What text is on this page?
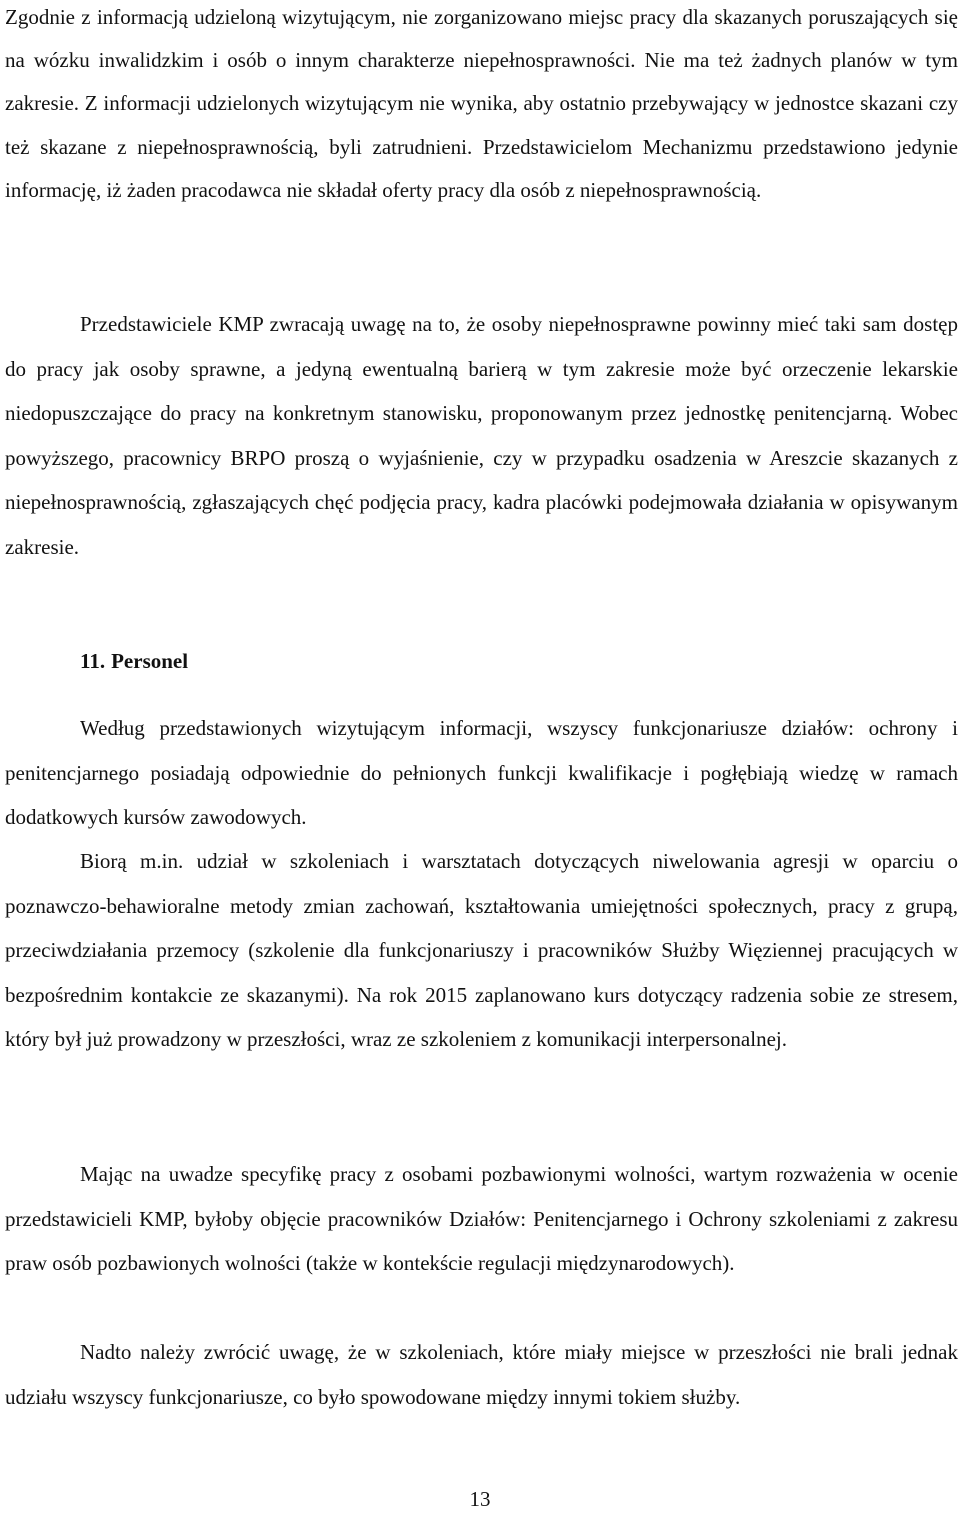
Zgodnie z informacją udzieloną wizytującym, nie zorganizowano miejsc pracy dla skazanych poruszających się na wózku inwalidzkim i osób o innym charakterze niepełnosprawności. Nie ma też żadnych planów w tym zakresie. Z informacji udzielonych wizytującym nie wynika, aby ostatnio przebywający w jednostce skazani czy też skazane z niepełnosprawnością, byli zatrudnieni. Przedstawicielom Mechanizmu przedstawiono jedynie informację, iż żaden pracodawca nie składał oferty pracy dla osób z niepełnosprawnością.

Przedstawiciele KMP zwracają uwagę na to, że osoby niepełnosprawne powinny mieć taki sam dostęp do pracy jak osoby sprawne, a jedyną ewentualną barierą w tym zakresie może być orzeczenie lekarskie niedopuszczające do pracy na konkretnym stanowisku, proponowanym przez jednostkę penitencjarną. Wobec powyższego, pracownicy BRPO proszą o wyjaśnienie, czy w przypadku osadzenia w Areszcie skazanych z niepełnosprawnością, zgłaszających chęć podjęcia pracy, kadra placówki podejmowała działania w opisywanym zakresie.

11. Personel

Według przedstawionych wizytującym informacji, wszyscy funkcjonariusze działów: ochrony i penitencjarnego posiadają odpowiednie do pełnionych funkcji kwalifikacje i pogłębiają wiedzę w ramach dodatkowych kursów zawodowych.

Biorą m.in. udział w szkoleniach i warsztatach dotyczących niwelowania agresji w oparciu o poznawczo-behawioralne metody zmian zachowań, kształtowania umiejętności społecznych, pracy z grupą, przeciwdziałania przemocy (szkolenie dla funkcjonariuszy i pracowników Służby Więziennej pracujących w bezpośrednim kontakcie ze skazanymi). Na rok 2015 zaplanowano kurs dotyczący radzenia sobie ze stresem, który był już prowadzony w przeszłości, wraz ze szkoleniem z komunikacji interpersonalnej.

Mając na uwadze specyfikę pracy z osobami pozbawionymi wolności, wartym rozważenia w ocenie przedstawicieli KMP, byłoby objęcie pracowników Działów: Penitencjarnego i Ochrony szkoleniami z zakresu praw osób pozbawionych wolności (także w kontekście regulacji międzynarodowych).

Nadto należy zwrócić uwagę, że w szkoleniach, które miały miejsce w przeszłości nie brali jednak udziału wszyscy funkcjonariusze, co było spowodowane między innymi tokiem służby.

13
